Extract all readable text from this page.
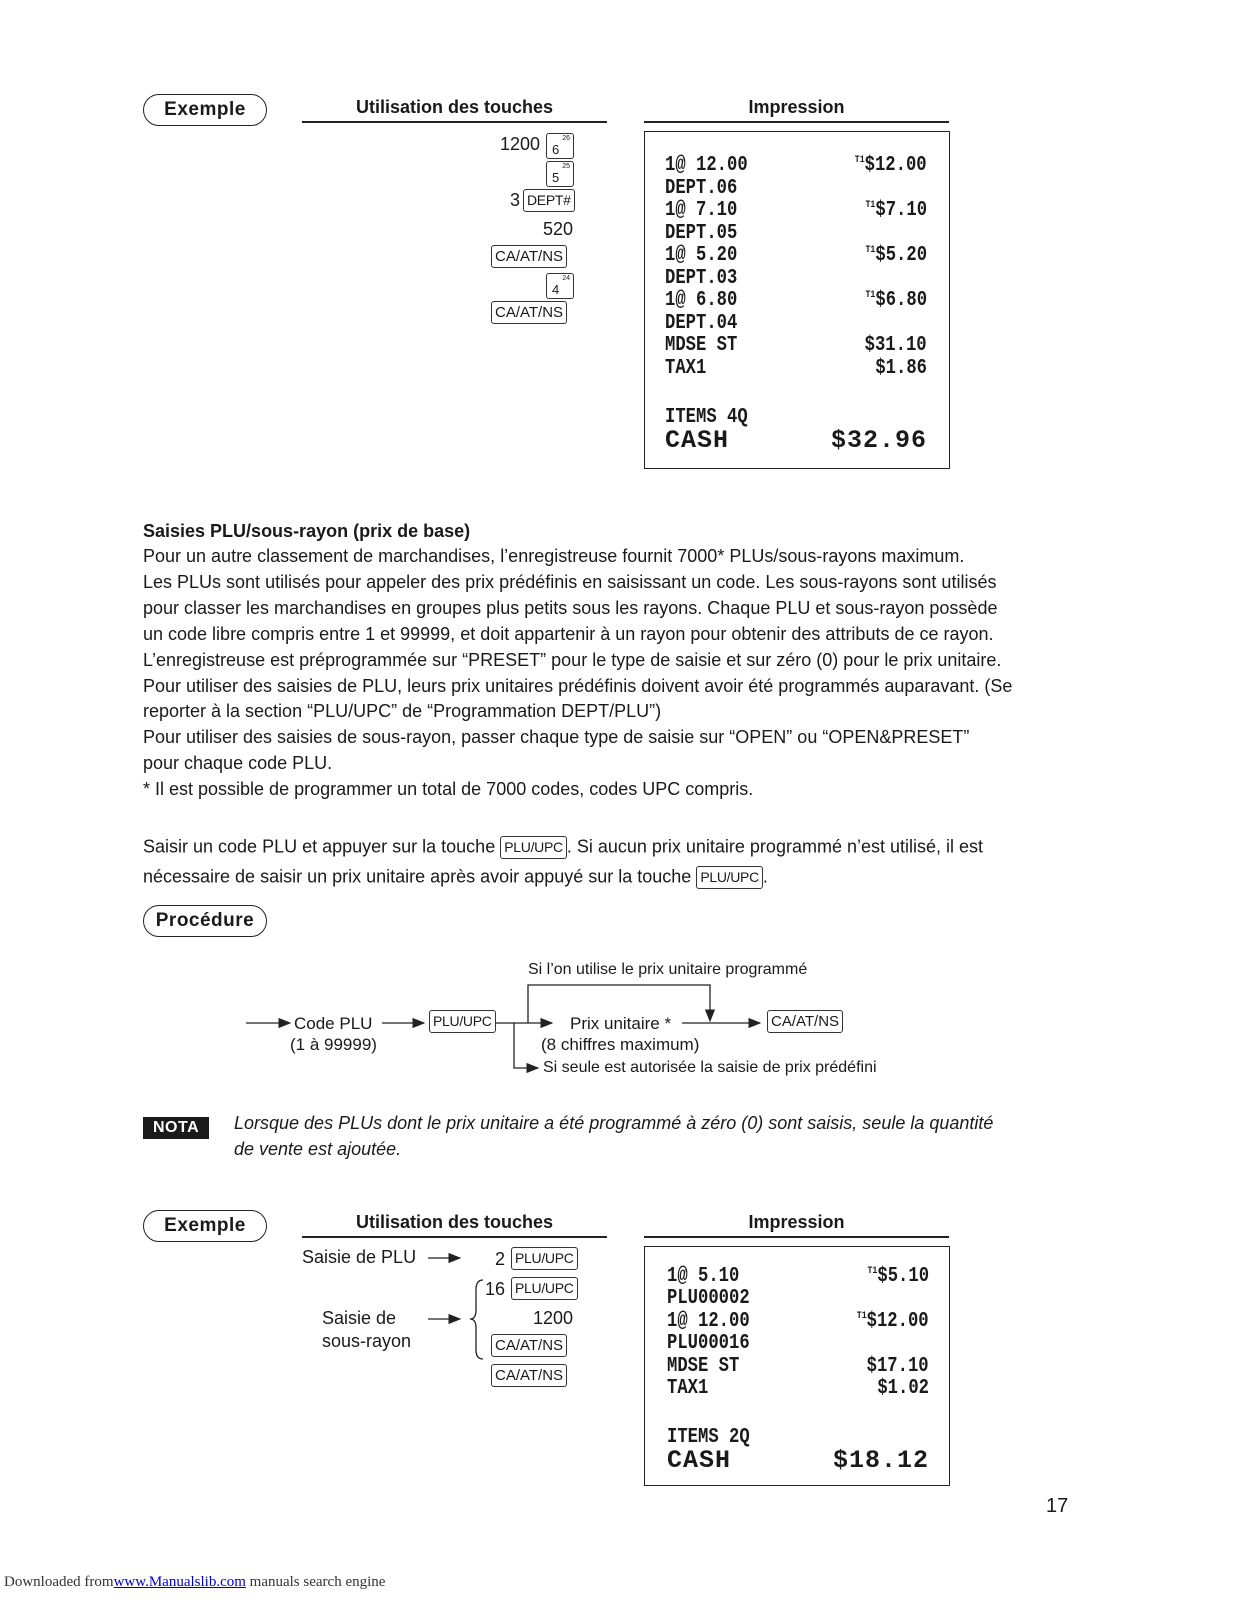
Exemple	Utilisation des touches	Impression
1200 6
26
5
25
3 DEPT#
520
CA/AT/NS
4
24
CA/AT/NS
1@ 12.00	$^{T1}$\$12.00
DEPT.06
1@ 7.10	$^{T1}$\$7.10
DEPT.05
1@ 5.20	$^{T1}$\$5.20
DEPT.03
1@ 6.80	$^{T1}$\$6.80
DEPT.04
MDSE ST	$31.10
TAX1	$1.86
ITEMS 4Q
CASH	$32.96
Saisies PLU/sous-rayon (prix de base)

Pour un autre classement de marchandises, l’enregistreuse fournit 7000* PLUs/sous-rayons maximum.

Les PLUs sont utilisés pour appeler des prix prédéfinis en saisissant un code. Les sous-rayons sont utilisés

pour classer les marchandises en groupes plus petits sous les rayons. Chaque PLU et sous-rayon possède

un code libre compris entre 1 et 99999, et doit appartenir à un rayon pour obtenir des attributs de ce rayon.

L’enregistreuse est préprogrammée sur “PRESET” pour le type de saisie et sur zéro (0) pour le prix unitaire.

Pour utiliser des saisies de PLU, leurs prix unitaires prédéfinis doivent avoir été programmés auparavant. (Se

reporter à la section “PLU/UPC” de “Programmation DEPT/PLU”)

Pour utiliser des saisies de sous-rayon, passer chaque type de saisie sur “OPEN” ou “OPEN&PRESET”

pour chaque code PLU.

* Il est possible de programmer un total de 7000 codes, codes UPC compris.

Saisir un code PLU et appuyer sur la touche PLU/UPC . Si aucun prix unitaire programmé n’est utilisé, il est
nécessaire de saisir un prix unitaire après avoir appuyé sur la touche PLU/UPC .
Procédure
Si l’on utilise le prix unitaire programmé
Code PLU
(1 à 99999)
PLU/UPC	Prix unitaire *
(8 chiffres maximum)
CA/AT/NS
Si seule est autorisée la saisie de prix prédéfini
NOTA	Lorsque des PLUs dont le prix unitaire a été programmé à zéro (0) sont saisis, seule la quantité
de vente est ajoutée.
Exemple	Utilisation des touches	Impression
Saisie de PLU
Saisie de
sous-rayon
2 PLU/UPC
16 PLU/UPC
1200
CA/AT/NS
CA/AT/NS
1@ 5.10	$^{T1}$\$5.10
PLU00002
1@ 12.00	$^{T1}$\$12.00
PLU00016
MDSE ST	$17.10
TAX1	$1.02
ITEMS 2Q
CASH	$18.12
17
Downloaded fromwww.Manualslib.com manuals search engine
